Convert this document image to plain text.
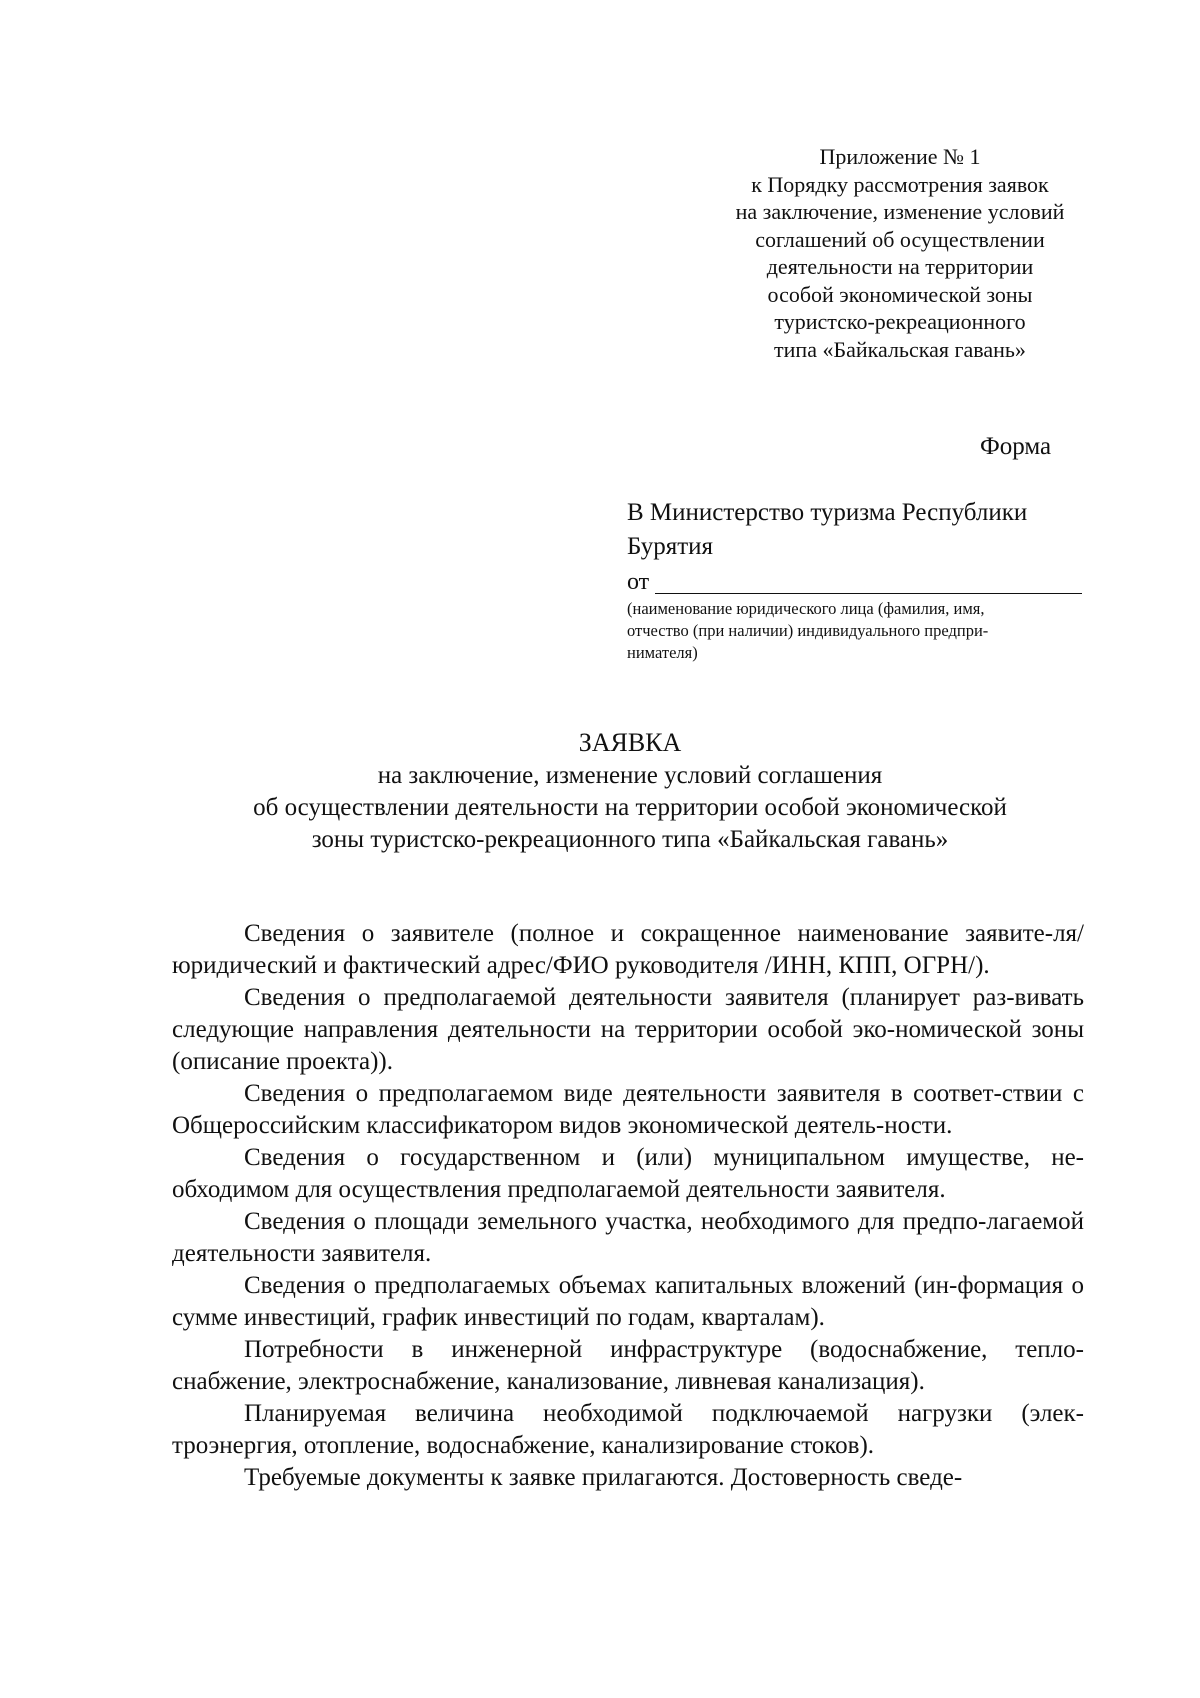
Приложение № 1
к Порядку рассмотрения заявок
на заключение, изменение условий
соглашений об осуществлении
деятельности на территории
особой экономической зоны
туристско-рекреационного
типа «Байкальская гавань»
Форма
В Министерство туризма Республики
Бурятия
от
(наименование юридического лица (фамилия, имя,
отчество (при наличии) индивидуального предпри-
нимателя)
ЗАЯВКА
на заключение, изменение условий соглашения
об осуществлении деятельности на территории особой экономической
зоны туристско-рекреационного типа «Байкальская гавань»

Сведения о заявителе (полное и сокращенное наименование заявите-ля/юридический и фактический адрес/ФИО руководителя /ИНН, КПП, ОГРН/).

Сведения о предполагаемой деятельности заявителя (планирует раз-вивать следующие направления деятельности на территории особой эко-номической зоны (описание проекта)).

Сведения о предполагаемом виде деятельности заявителя в соответ-ствии с Общероссийским классификатором видов экономической деятель-ности.

Сведения о государственном и (или) муниципальном имуществе, не-обходимом для осуществления предполагаемой деятельности заявителя.

Сведения о площади земельного участка, необходимого для предпо-лагаемой деятельности заявителя.

Сведения о предполагаемых объемах капитальных вложений (ин-формация о сумме инвестиций, график инвестиций по годам, кварталам).

Потребности в инженерной инфраструктуре (водоснабжение, тепло-снабжение, электроснабжение, канализование, ливневая канализация).

Планируемая величина необходимой подключаемой нагрузки (элек-троэнергия, отопление, водоснабжение, канализирование стоков).

Требуемые документы к заявке прилагаются. Достоверность сведе-
